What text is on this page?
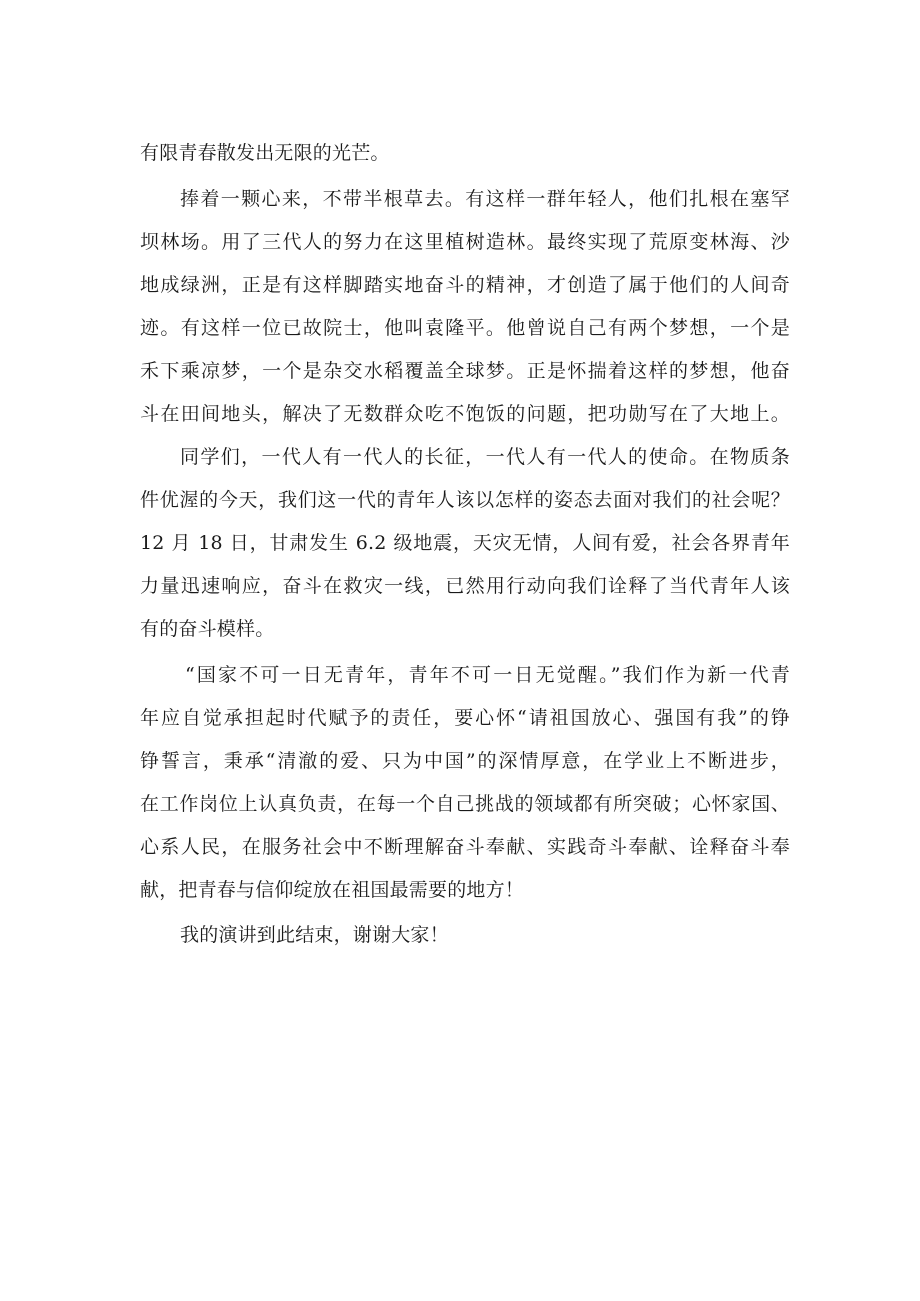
有限青春散发出无限的光芒。

捧着一颗心来，不带半根草去。有这样一群年轻人，他们扎根在塞罕

坝林场。用了三代人的努力在这里植树造林。最终实现了荒原变林海、沙

地成绿洲，正是有这样脚踏实地奋斗的精神，才创造了属于他们的人间奇

迹。有这样一位已故院士，他叫袁隆平。他曾说自己有两个梦想，一个是

禾下乘凉梦，一个是杂交水稻覆盖全球梦。正是怀揣着这样的梦想，他奋

斗在田间地头，解决了无数群众吃不饱饭的问题，把功勋写在了大地上。

同学们，一代人有一代人的长征，一代人有一代人的使命。在物质条

件优渥的今天，我们这一代的青年人该以怎样的姿态去面对我们的社会呢？

12 月 18 日，甘肃发生 6.2 级地震，天灾无情，人间有爱，社会各界青年

力量迅速响应，奋斗在救灾一线，已然用行动向我们诠释了当代青年人该

有的奋斗模样。

“国家不可一日无青年，青年不可一日无觉醒。”我们作为新一代青

年应自觉承担起时代赋予的责任，要心怀“请祖国放心、强国有我”的铮

铮誓言，秉承“清澈的爱、只为中国”的深情厚意，在学业上不断进步，

在工作岗位上认真负责，在每一个自己挑战的领域都有所突破；心怀家国、

心系人民，在服务社会中不断理解奋斗奉献、实践奇斗奉献、诠释奋斗奉

献，把青春与信仰绽放在祖国最需要的地方！

我的演讲到此结束，谢谢大家！
